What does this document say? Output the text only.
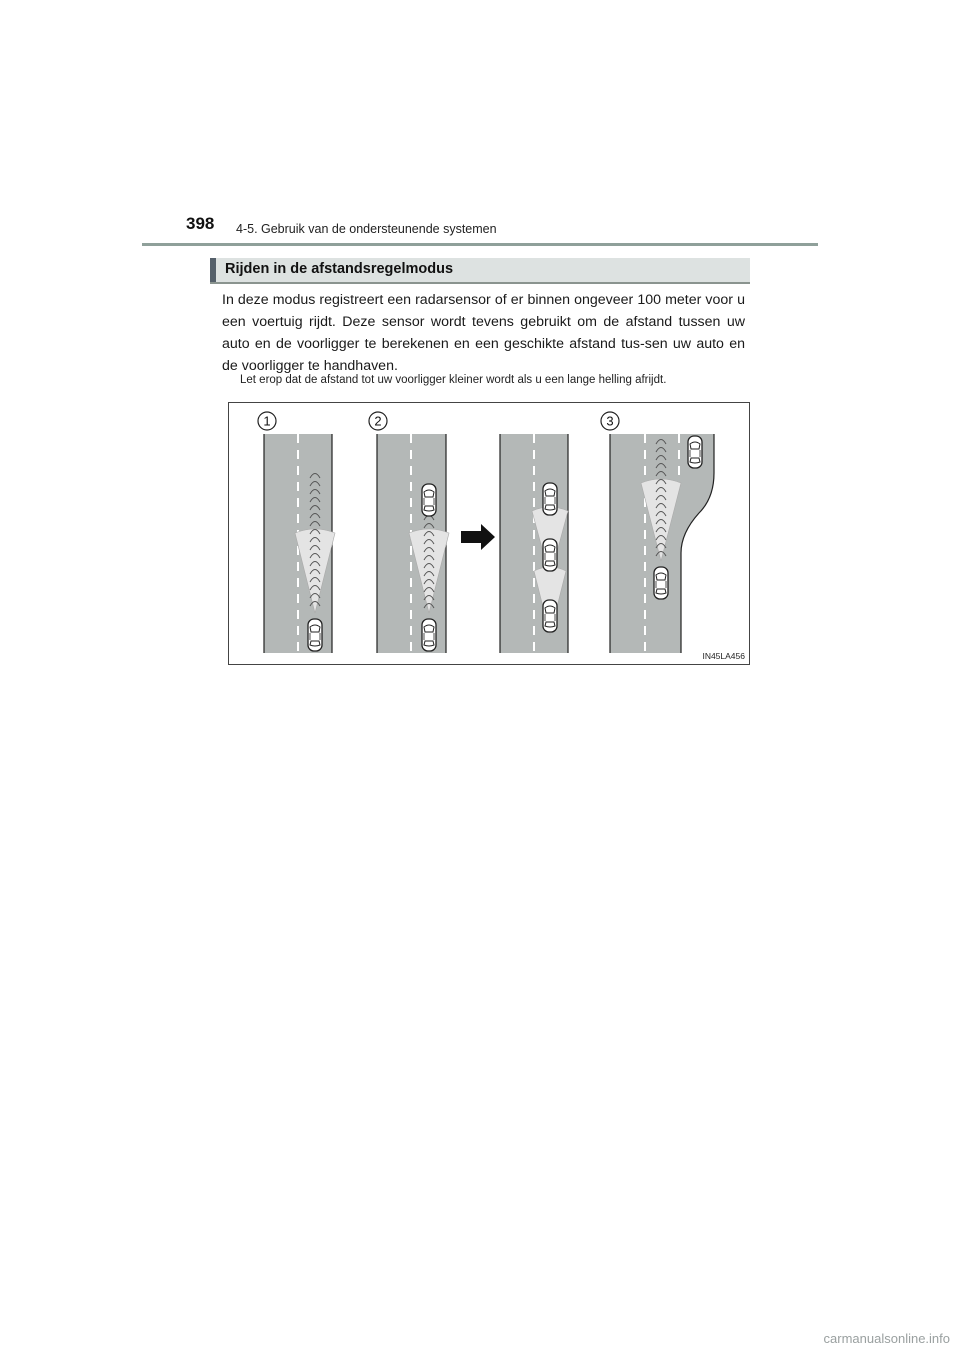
398 4-5. Gebruik van de ondersteunende systemen
Rijden in de afstandsregelmodus
In deze modus registreert een radarsensor of er binnen ongeveer 100 meter voor u een voertuig rijdt. Deze sensor wordt tevens gebruikt om de afstand tussen uw auto en de voorligger te berekenen en een geschikte afstand tus-sen uw auto en de voorligger te handhaven.
Let erop dat de afstand tot uw voorligger kleiner wordt als u een lange helling afrijdt.
1	2	3
IN45LA456
carmanualsonline.info
